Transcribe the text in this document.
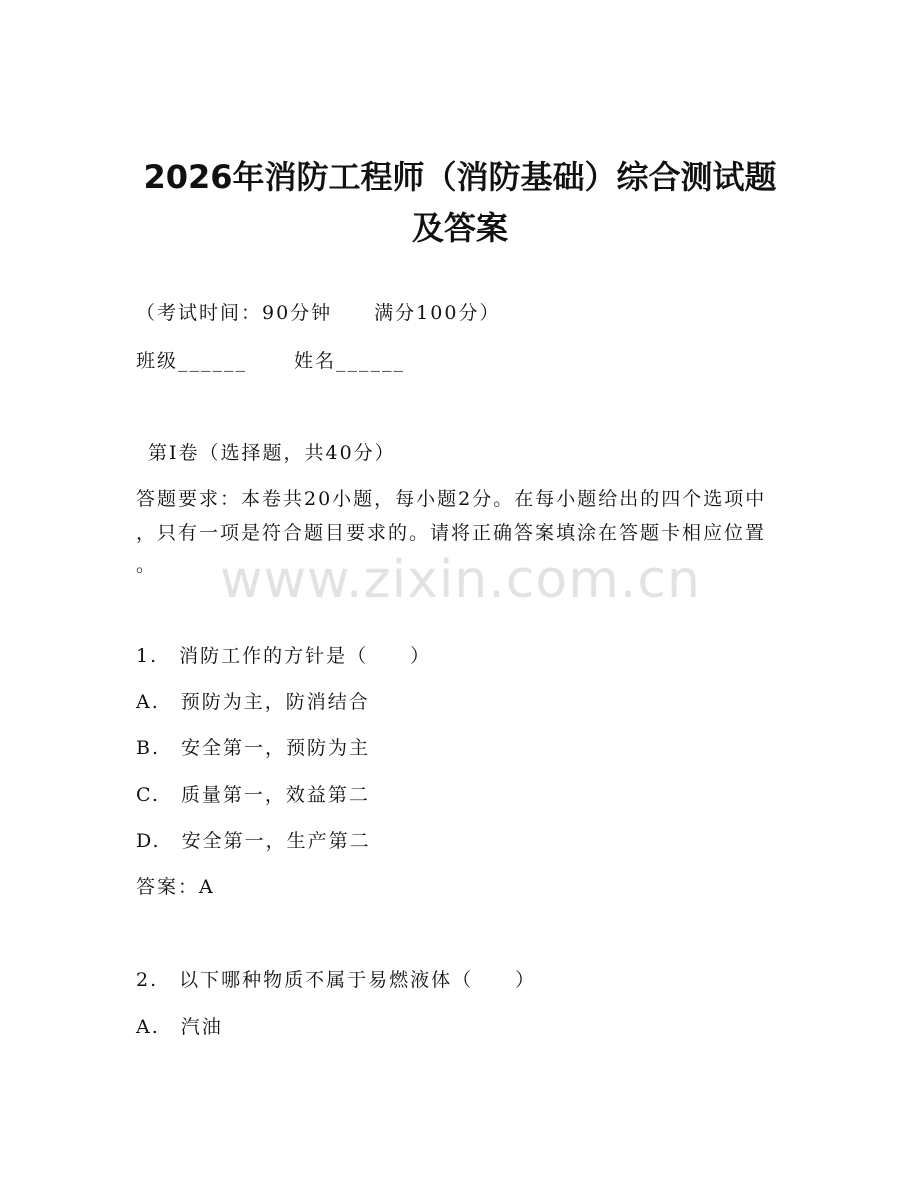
2026年消防工程师（消防基础）综合测试题
及答案
（考试时间：90分钟　　满分100分）
班级______ 姓名______
第I卷（选择题，共40分）
答题要求：本卷共20小题，每小题2分。在每小题给出的四个选项中
，只有一项是符合题目要求的。请将正确答案填涂在答题卡相应位置
。 www.zixin.com.cn
1.　消防工作的方针是（　　）
A.　预防为主，防消结合
B.　安全第一，预防为主
C.　质量第一，效益第二
D.　安全第一，生产第二
答案：A
2.　以下哪种物质不属于易燃液体（　　）
A.　汽油
